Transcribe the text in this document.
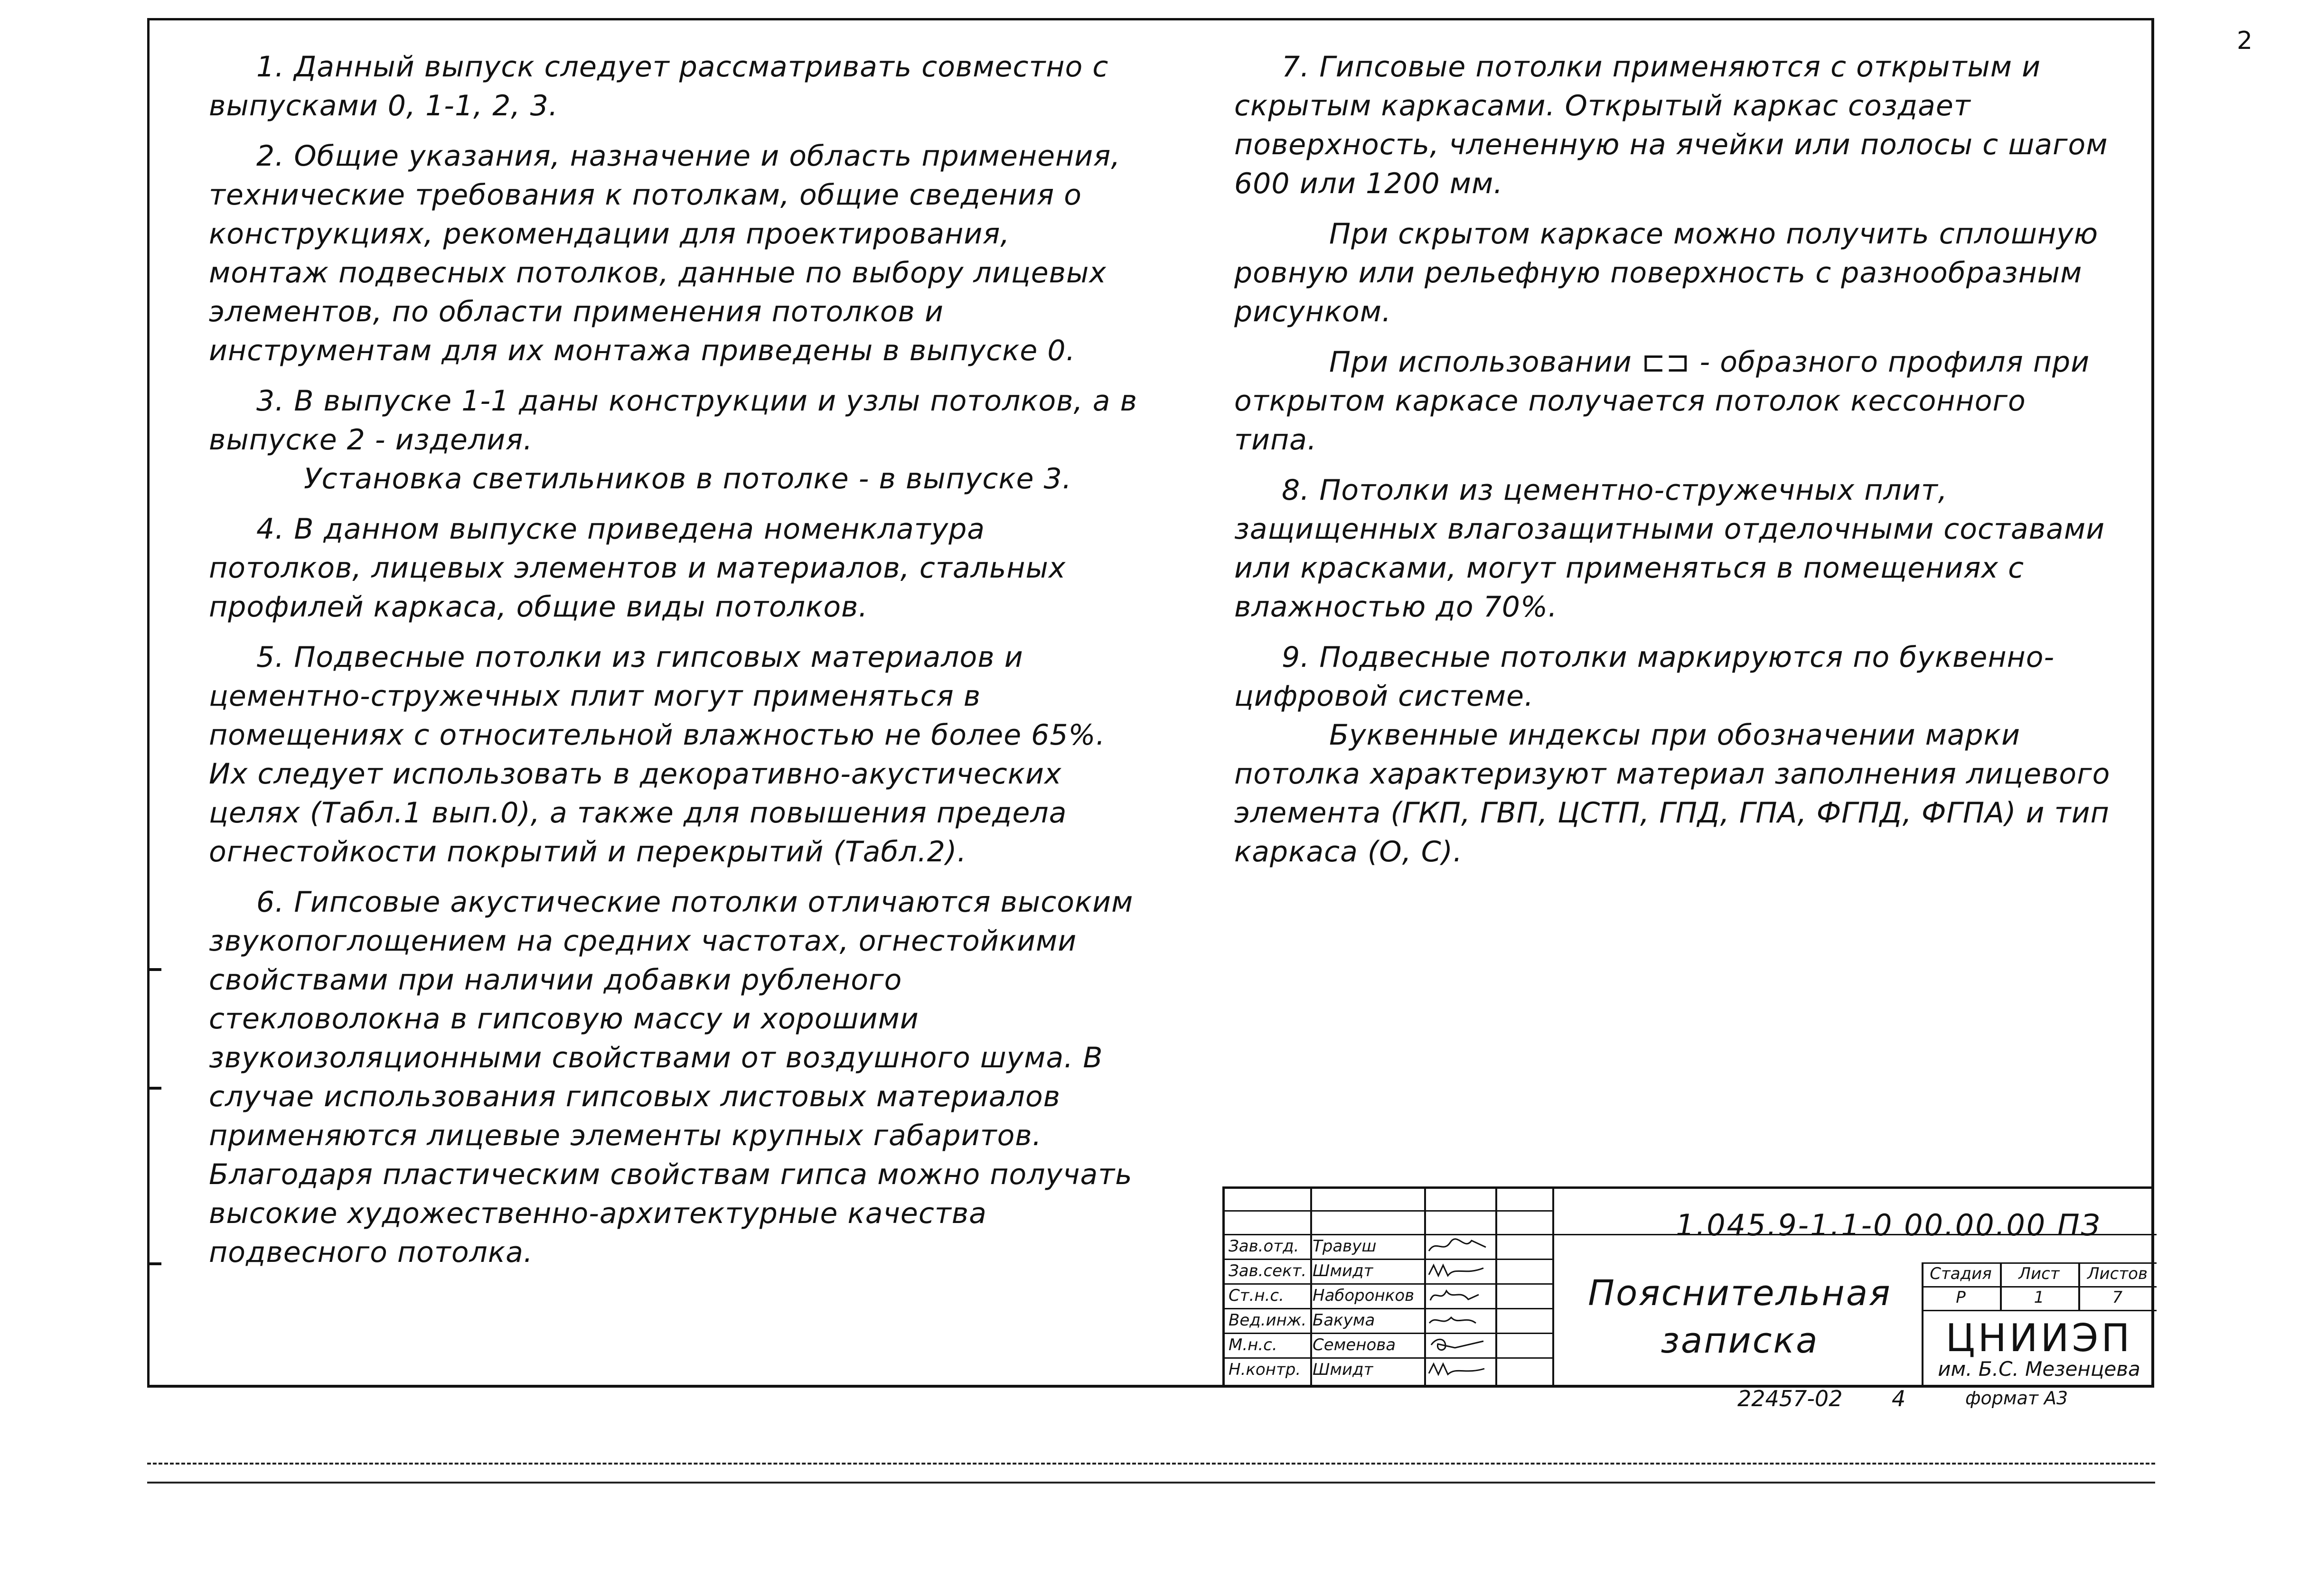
2

1. Данный выпуск следует рассматривать совместно с выпусками 0, 1-1, 2, 3.

2. Общие указания, назначение и область применения, технические требования к потолкам, общие сведения о конструкциях, рекомендации для проектирования, монтаж подвесных потолков, данные по выбору лицевых элементов, по области применения потолков и инструментам для их монтажа приведены в выпуске 0.

3. В выпуске 1-1 даны конструкции и узлы потолков, а в выпуске 2 - изделия.

Установка светильников в потолке - в выпуске 3.

4. В данном выпуске приведена номенклатура потолков, лицевых элементов и материалов, стальных профилей каркаса, общие виды потолков.

5. Подвесные потолки из гипсовых материалов и цементно-стружечных плит могут применяться в помещениях с относительной влажностью не более 65%. Их следует использовать в декоративно-акустических целях (Табл.1 вып.0), а также для повышения предела огнестойкости покрытий и перекрытий (Табл.2).

6. Гипсовые акустические потолки отличаются высоким звукопоглощением на средних частотах, огнестойкими свойствами при наличии добавки рубленого стекловолокна в гипсовую массу и хорошими звукоизоляционными свойствами от воздушного шума. В случае использования гипсовых листовых материалов применяются лицевые элементы крупных габаритов. Благодаря пластическим свойствам гипса можно получать высокие художественно-архитектурные качества подвесного потолка.

7. Гипсовые потолки применяются с открытым и скрытым каркасами. Открытый каркас создает поверхность, члененную на ячейки или полосы с шагом 600 или 1200 мм.

При скрытом каркасе можно получить сплошную ровную или рельефную поверхность с разнообразным рисунком.

При использовании ⊏⊐ - образного профиля при открытом каркасе получается потолок кессонного типа.

8. Потолки из цементно-стружечных плит, защищенных влагозащитными отделочными составами или красками, могут применяться в помещениях с влажностью до 70%.

9. Подвесные потолки маркируются по буквенно-цифровой системе.

Буквенные индексы при обозначении марки потолка характеризуют материал заполнения лицевого элемента (ГКП, ГВП, ЦСТП, ГПД, ГПА, ФГПД, ФГПА) и тип каркаса (О, С).

1.045.9-1.1-0 00.00.00 ПЗ
Зав.отд. Травуш
Зав.сект. Шмидт
Ст.н.с. Наборонков
Вед.инж. Бакума
М.н.с. Семенова
Н.контр. Шмидт
Пояснительная записка
Стадия	Лист	Листов
Р	1	7
ЦНИИЭП
им. Б.С. Мезенцева
22457-02 4	формат А3
